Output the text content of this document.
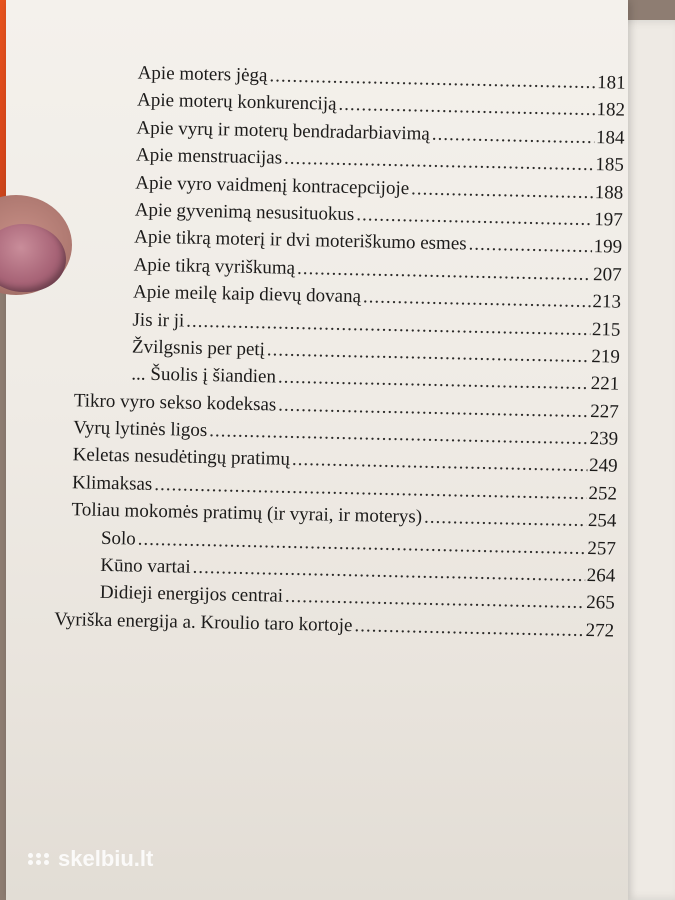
Apie moters jėgą .....	181
Apie moterų konkurenciją .....	182
Apie vyrų ir moterų bendradarbiavimą .....	184
Apie menstruacijas .....	185
Apie vyro vaidmenį kontracepcijoje .....	188
Apie gyvenimą nesusituokus .....	197
Apie tikrą moterį ir dvi moteriškumo esmes .....	199
Apie tikrą vyriškumą .....	207
Apie meilę kaip dievų dovaną .....	213
Jis ir ji .....	215
Žvilgsnis per petį .....	219
... Šuolis į šiandien .....	221
Tikro vyro sekso kodeksas .....	227
Vyrų lytinės ligos .....	239
Keletas nesudėtingų pratimų .....	249
Klimaksas .....	252
Toliau mokomės pratimų (ir vyrai, ir moterys) .....	254
Solo .....	257
Kūno vartai .....	264
Didieji energijos centrai .....	265
Vyriška energija a. Kroulio taro kortoje .....	272
skelbiu.lt
